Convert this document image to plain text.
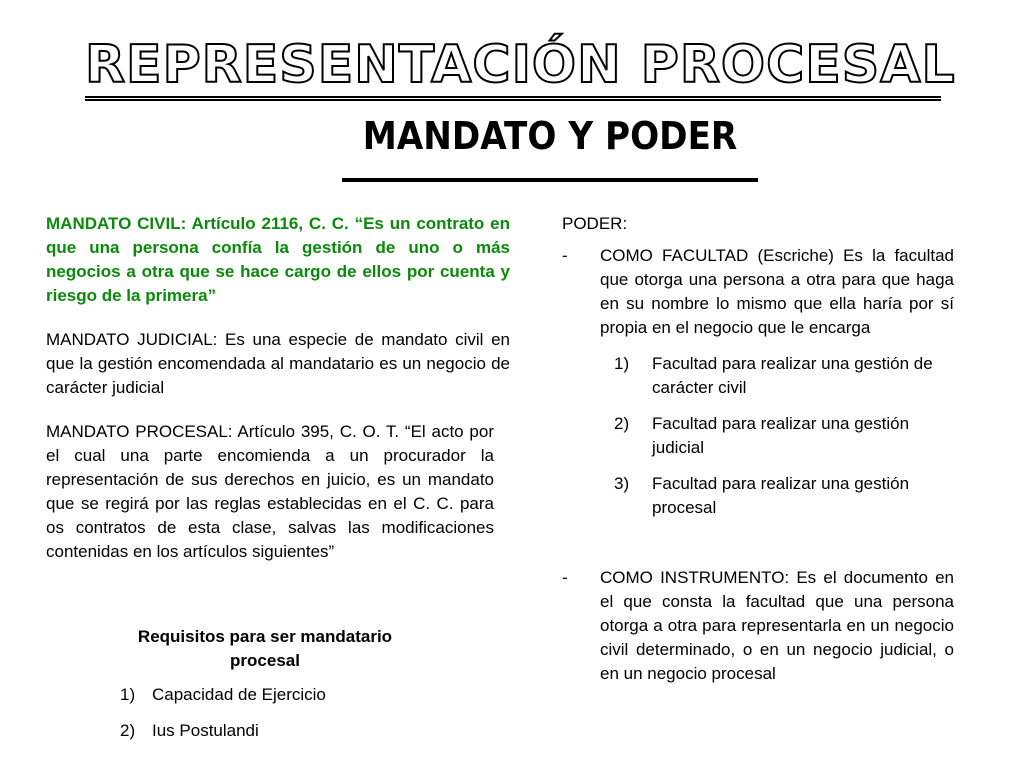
REPRESENTACIÓN PROCESAL
MANDATO Y PODER

MANDATO CIVIL: Artículo 2116, C. C. “Es un contrato en que una persona confía la gestión de uno o más negocios a otra que se hace cargo de ellos por cuenta y riesgo de la primera”

MANDATO JUDICIAL: Es una especie de mandato civil en que la gestión encomendada al mandatario es un negocio de carácter judicial

MANDATO PROCESAL: Artículo 395, C. O. T. “El acto por el cual una parte encomienda a un procurador la representación de sus derechos en juicio, es un mandato que se regirá por las reglas establecidas en el C. C. para os contratos de esta clase, salvas las modificaciones contenidas en los artículos siguientes”

Requisitos para ser mandatario procesal
1) Capacidad de Ejercicio
2) Ius Postulandi
PODER:
- COMO FACULTAD (Escriche) Es la facultad que otorga una persona a otra para que haga en su nombre lo mismo que ella haría por sí propia en el negocio que le encarga
1) Facultad para realizar una gestión de carácter civil
2) Facultad para realizar una gestión judicial
3) Facultad para realizar una gestión procesal
- COMO INSTRUMENTO: Es el documento en el que consta la facultad que una persona otorga a otra para representarla en un negocio civil determinado, o en un negocio judicial, o en un negocio procesal
